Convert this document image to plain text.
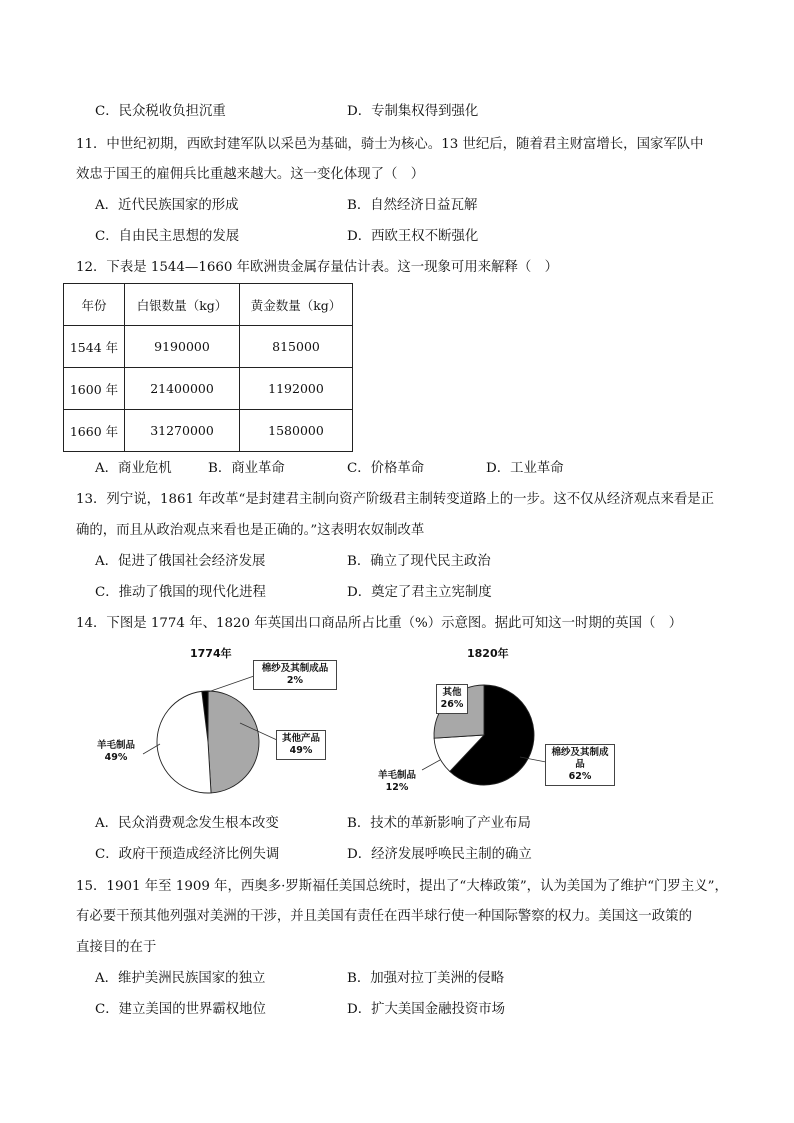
C．民众税收负担沉重	D．专制集权得到强化
11．中世纪初期，西欧封建军队以采邑为基础，骑士为核心。13 世纪后，随着君主财富增长，国家军队中
效忠于国王的雇佣兵比重越来越大。这一变化体现了（　）
A．近代民族国家的形成	B．自然经济日益瓦解
C．自由民主思想的发展	D．西欧王权不断强化
12．下表是 1544—1660 年欧洲贵金属存量估计表。这一现象可用来解释（　）
年份	白银数量（kg）	黄金数量（kg）
1544 年	9190000	815000
1600 年	21400000	1192000
1660 年	31270000	1580000
A．商业危机	B．商业革命	C．价格革命	D．工业革命
13．列宁说，1861 年改革“是封建君主制向资产阶级君主制转变道路上的一步。这不仅从经济观点来看是正
确的，而且从政治观点来看也是正确的。”这表明农奴制改革
A．促进了俄国社会经济发展	B．确立了现代民主政治
C．推动了俄国的现代化进程	D．奠定了君主立宪制度
14．下图是 1774 年、1820 年英国出口商品所占比重（%）示意图。据此可知这一时期的英国（　）
1774年	1820年
棉纱及其制成品
2%
其他产品
49%
羊毛制品
49%
其他
26%
棉纱及其制成品
62%
羊毛制品
12%
A．民众消费观念发生根本改变	B．技术的革新影响了产业布局
C．政府干预造成经济比例失调	D．经济发展呼唤民主制的确立
15．1901 年至 1909 年，西奥多·罗斯福任美国总统时，提出了“大棒政策”，认为美国为了维护“门罗主义”，
有必要干预其他列强对美洲的干涉，并且美国有责任在西半球行使一种国际警察的权力。美国这一政策的
直接目的在于
A．维护美洲民族国家的独立	B．加强对拉丁美洲的侵略
C．建立美国的世界霸权地位	D．扩大美国金融投资市场
